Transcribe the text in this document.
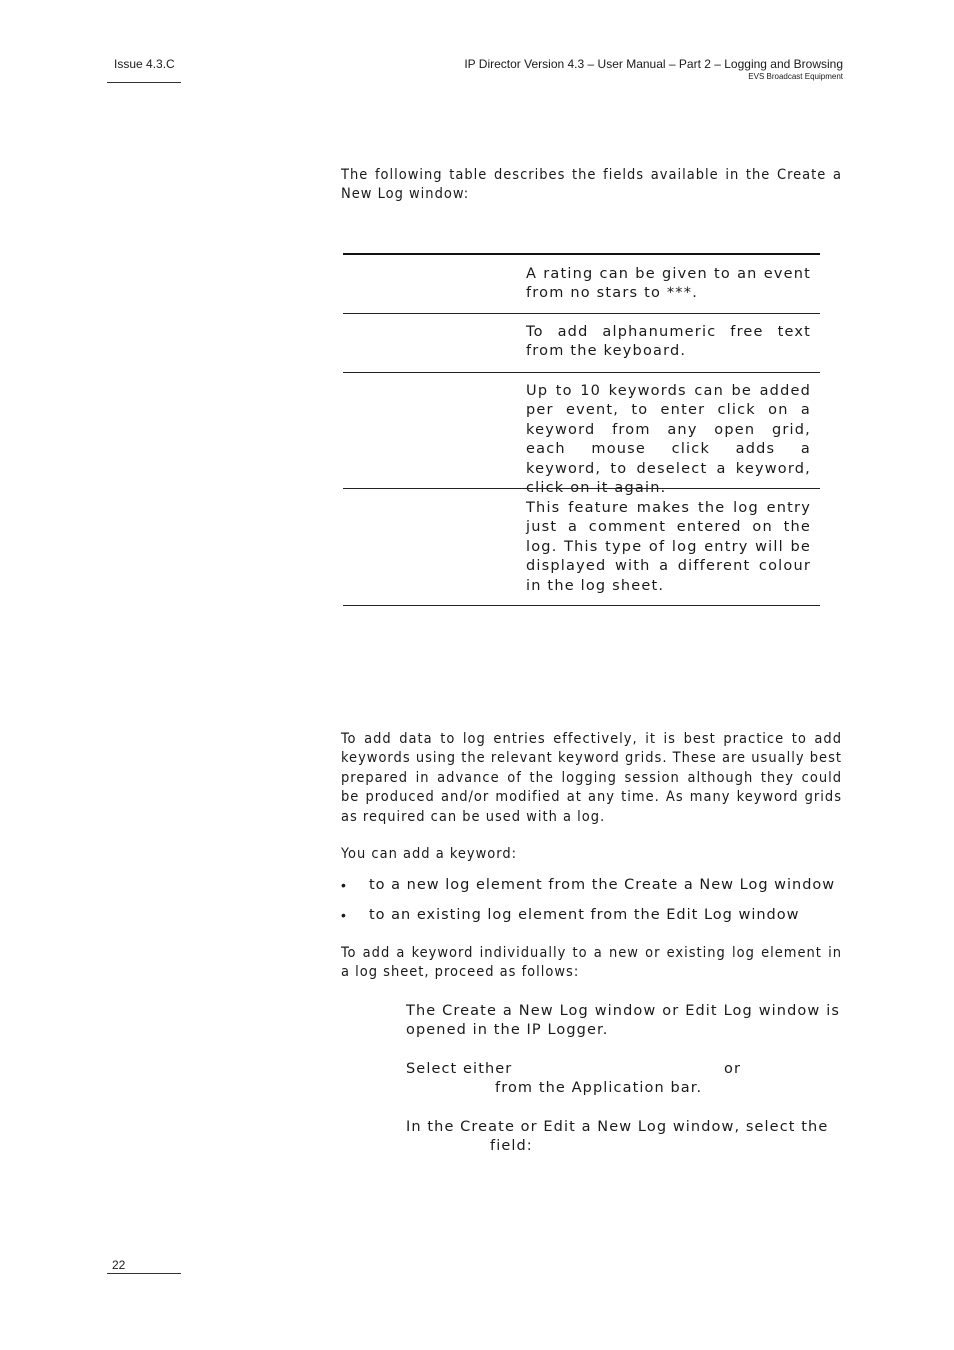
Issue 4.3.C	IP Director Version 4.3 – User Manual – Part 2 – Logging and Browsing
EVS Broadcast Equipment
The following table describes the fields available in the Create a New Log window:
A rating can be given to an event from no stars to ***.
To add alphanumeric free text from the keyboard.
Up to 10 keywords can be added per event, to enter click on a keyword from any open grid, each mouse click adds a keyword, to deselect a keyword, click on it again.
This feature makes the log entry just a comment entered on the log. This type of log entry will be displayed with a different colour in the log sheet.
To add data to log entries effectively, it is best practice to add keywords using the relevant keyword grids. These are usually best prepared in advance of the logging session although they could be produced and/or modified at any time. As many keyword grids as required can be used with a log.
You can add a keyword:
• to a new log element from the Create a New Log window
• to an existing log element from the Edit Log window
To add a keyword individually to a new or existing log element in a log sheet, proceed as follows:
The Create a New Log window or Edit Log window is opened in the IP Logger.
Select either	or
from the Application bar.
In the Create or Edit a New Log window, select the
field:
22
